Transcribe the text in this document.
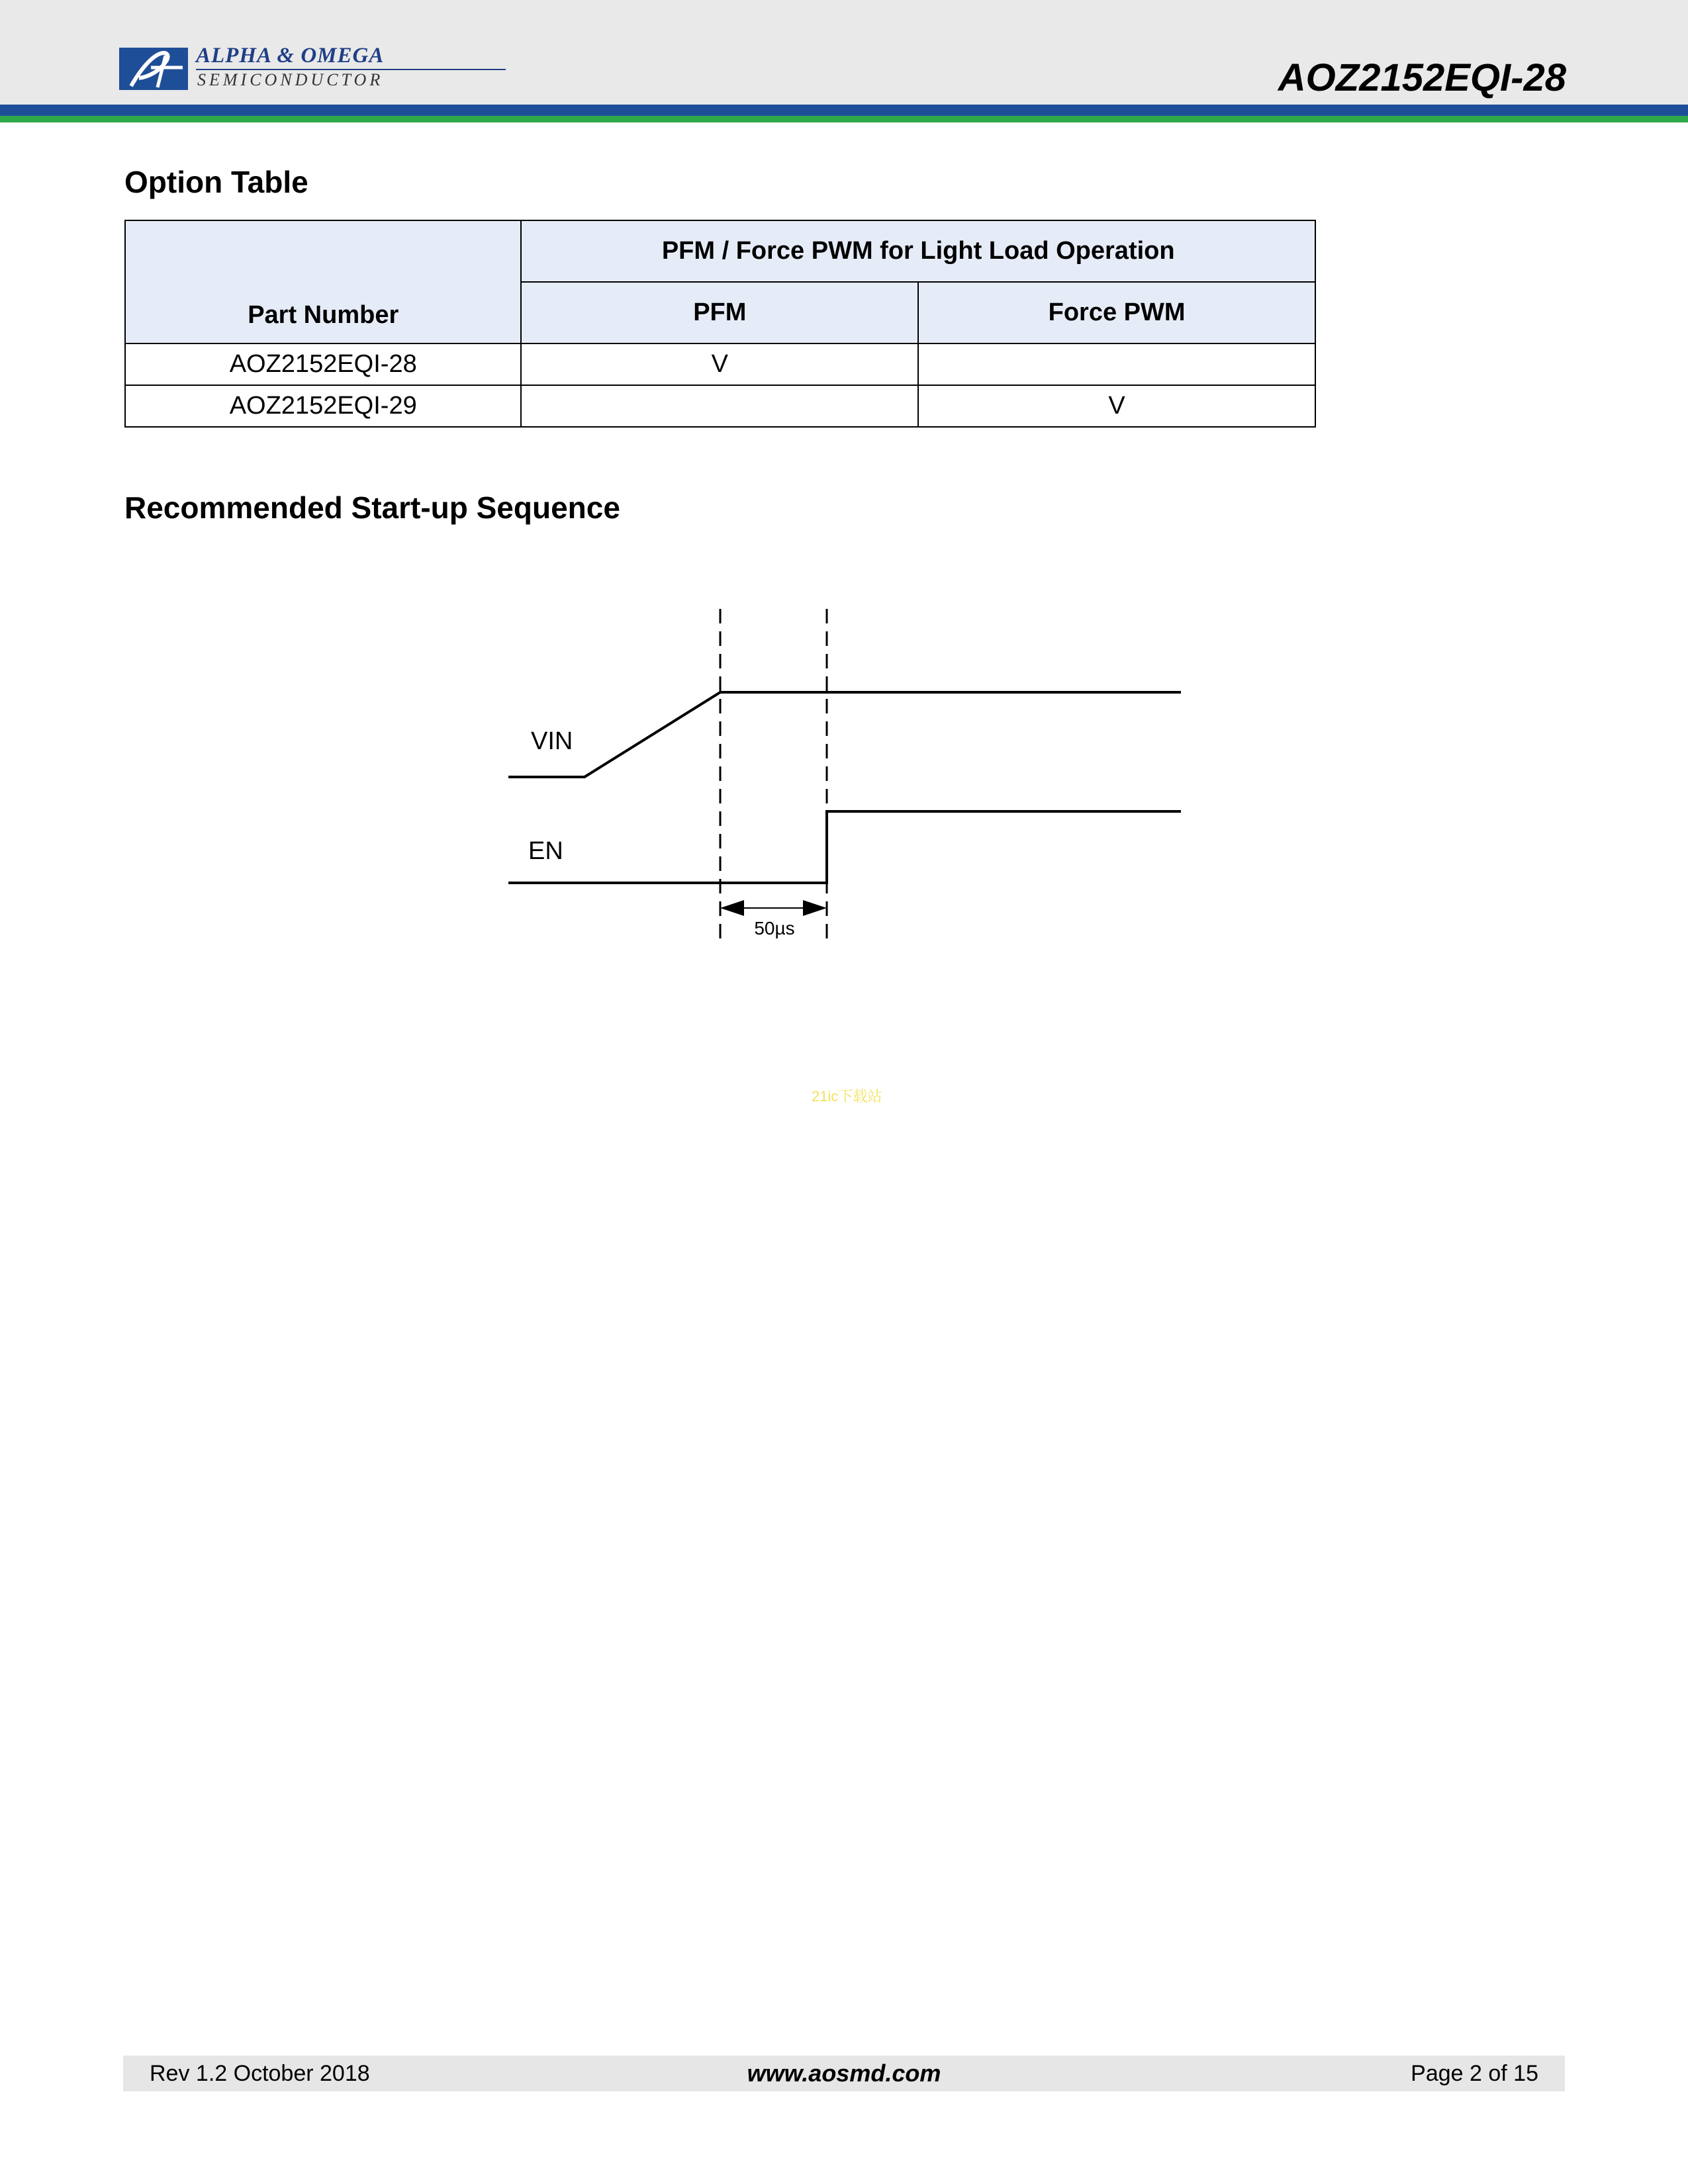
ALPHA & OMEGA
SEMICONDUCTOR	AOZ2152EQI-28
Option Table
Part Number	PFM / Force PWM for Light Load Operation	
	PFM	Force PWM
AOZ2152EQI-28	V	
AOZ2152EQI-29		V
Recommended Start-up Sequence
VIN
EN
50µs
21ic下载站
Rev 1.2 October 2018	www.aosmd.com	Page 2 of 15
